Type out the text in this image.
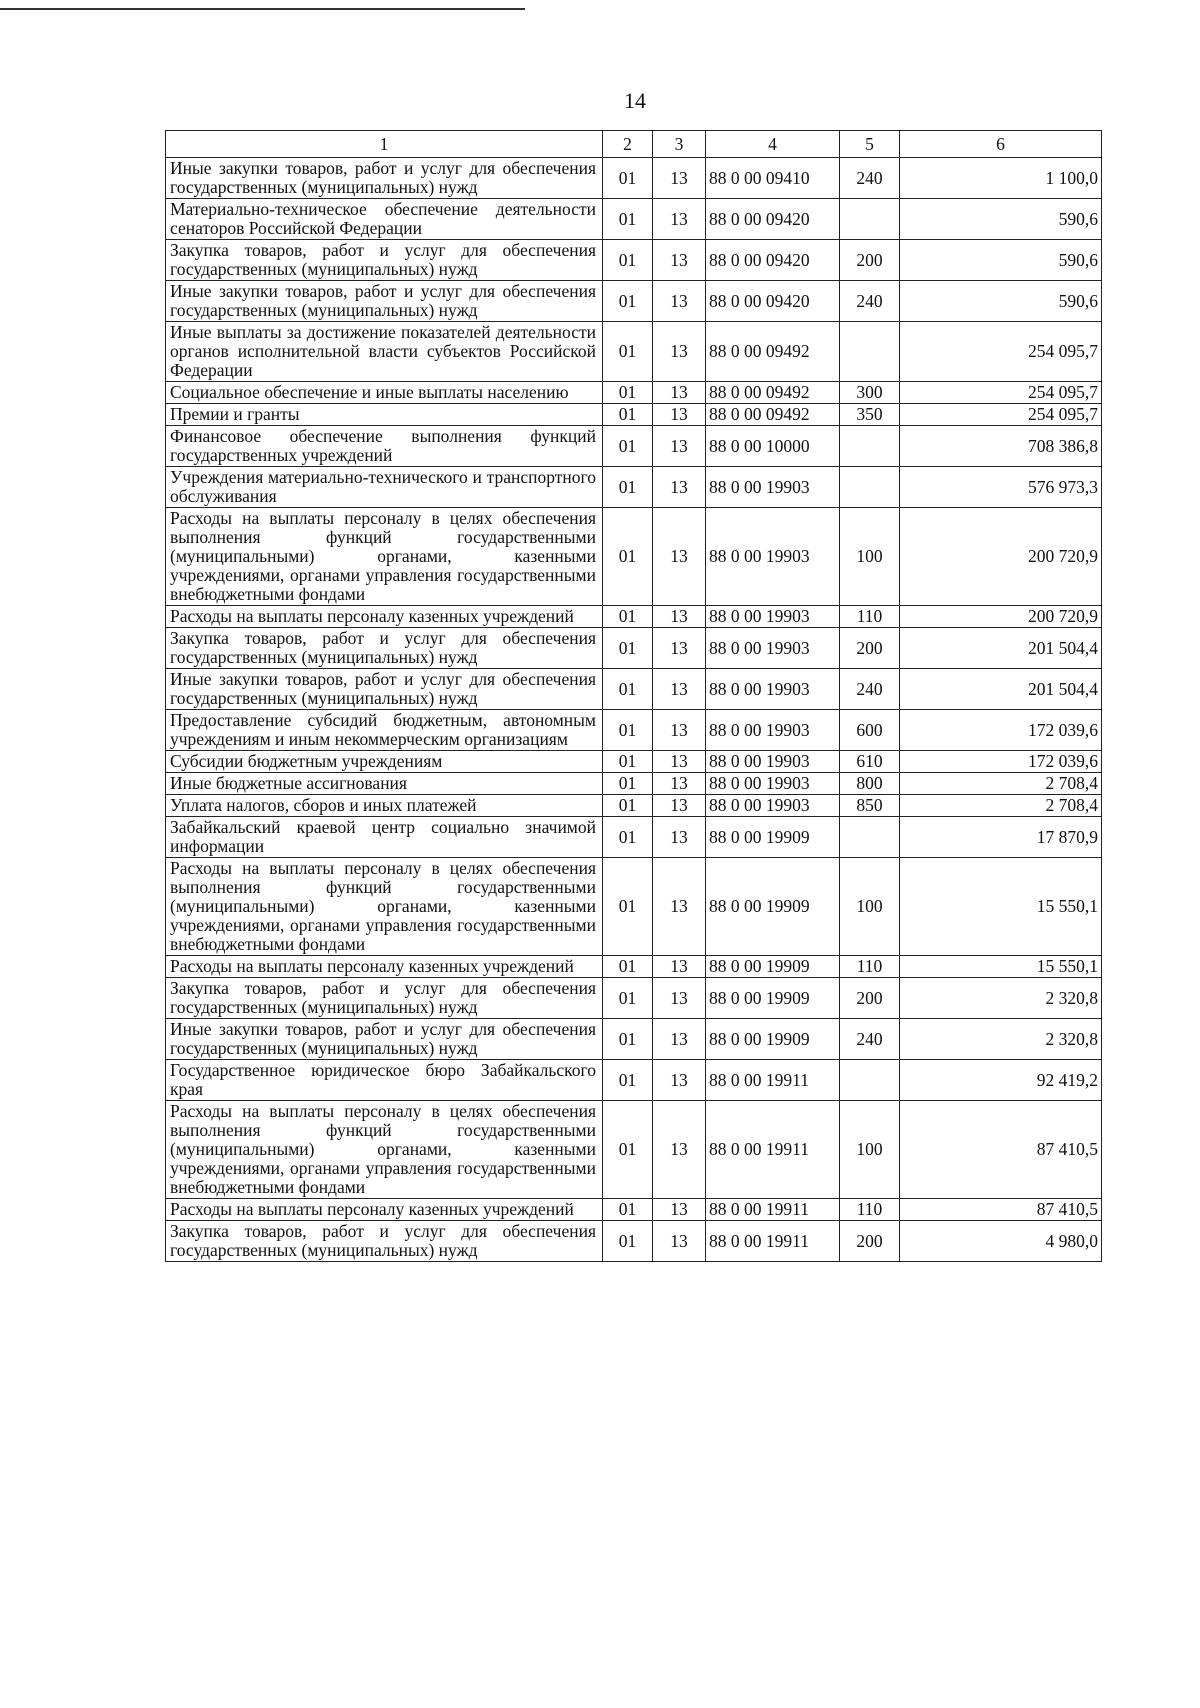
14
1	2	3	4	5	6
Иные закупки товаров, работ и услуг для обеспечения государственных (муниципальных) нужд	01	13	88 0 00 09410	240	1 100,0
Материально-техническое обеспечение деятельности сенаторов Российской Федерации	01	13	88 0 00 09420		590,6
Закупка товаров, работ и услуг для обеспечения государственных (муниципальных) нужд	01	13	88 0 00 09420	200	590,6
Иные закупки товаров, работ и услуг для обеспечения государственных (муниципальных) нужд	01	13	88 0 00 09420	240	590,6
Иные выплаты за достижение показателей деятельности органов исполнительной власти субъектов Российской Федерации	01	13	88 0 00 09492		254 095,7
Социальное обеспечение и иные выплаты населению	01	13	88 0 00 09492	300	254 095,7
Премии и гранты	01	13	88 0 00 09492	350	254 095,7
Финансовое обеспечение выполнения функций государственных учреждений	01	13	88 0 00 10000		708 386,8
Учреждения материально-технического и транспортного обслуживания	01	13	88 0 00 19903		576 973,3
Расходы на выплаты персоналу в целях обеспечения выполнения функций государственными (муниципальными) органами, казенными учреждениями, органами управления государственными внебюджетными фондами	01	13	88 0 00 19903	100	200 720,9
Расходы на выплаты персоналу казенных учреждений	01	13	88 0 00 19903	110	200 720,9
Закупка товаров, работ и услуг для обеспечения государственных (муниципальных) нужд	01	13	88 0 00 19903	200	201 504,4
Иные закупки товаров, работ и услуг для обеспечения государственных (муниципальных) нужд	01	13	88 0 00 19903	240	201 504,4
Предоставление субсидий бюджетным, автономным учреждениям и иным некоммерческим организациям	01	13	88 0 00 19903	600	172 039,6
Субсидии бюджетным учреждениям	01	13	88 0 00 19903	610	172 039,6
Иные бюджетные ассигнования	01	13	88 0 00 19903	800	2 708,4
Уплата налогов, сборов и иных платежей	01	13	88 0 00 19903	850	2 708,4
Забайкальский краевой центр социально значимой информации	01	13	88 0 00 19909		17 870,9
Расходы на выплаты персоналу в целях обеспечения выполнения функций государственными (муниципальными) органами, казенными учреждениями, органами управления государственными внебюджетными фондами	01	13	88 0 00 19909	100	15 550,1
Расходы на выплаты персоналу казенных учреждений	01	13	88 0 00 19909	110	15 550,1
Закупка товаров, работ и услуг для обеспечения государственных (муниципальных) нужд	01	13	88 0 00 19909	200	2 320,8
Иные закупки товаров, работ и услуг для обеспечения государственных (муниципальных) нужд	01	13	88 0 00 19909	240	2 320,8
Государственное юридическое бюро Забайкальского края	01	13	88 0 00 19911		92 419,2
Расходы на выплаты персоналу в целях обеспечения выполнения функций государственными (муниципальными) органами, казенными учреждениями, органами управления государственными внебюджетными фондами	01	13	88 0 00 19911	100	87 410,5
Расходы на выплаты персоналу казенных учреждений	01	13	88 0 00 19911	110	87 410,5
Закупка товаров, работ и услуг для обеспечения государственных (муниципальных) нужд	01	13	88 0 00 19911	200	4 980,0
